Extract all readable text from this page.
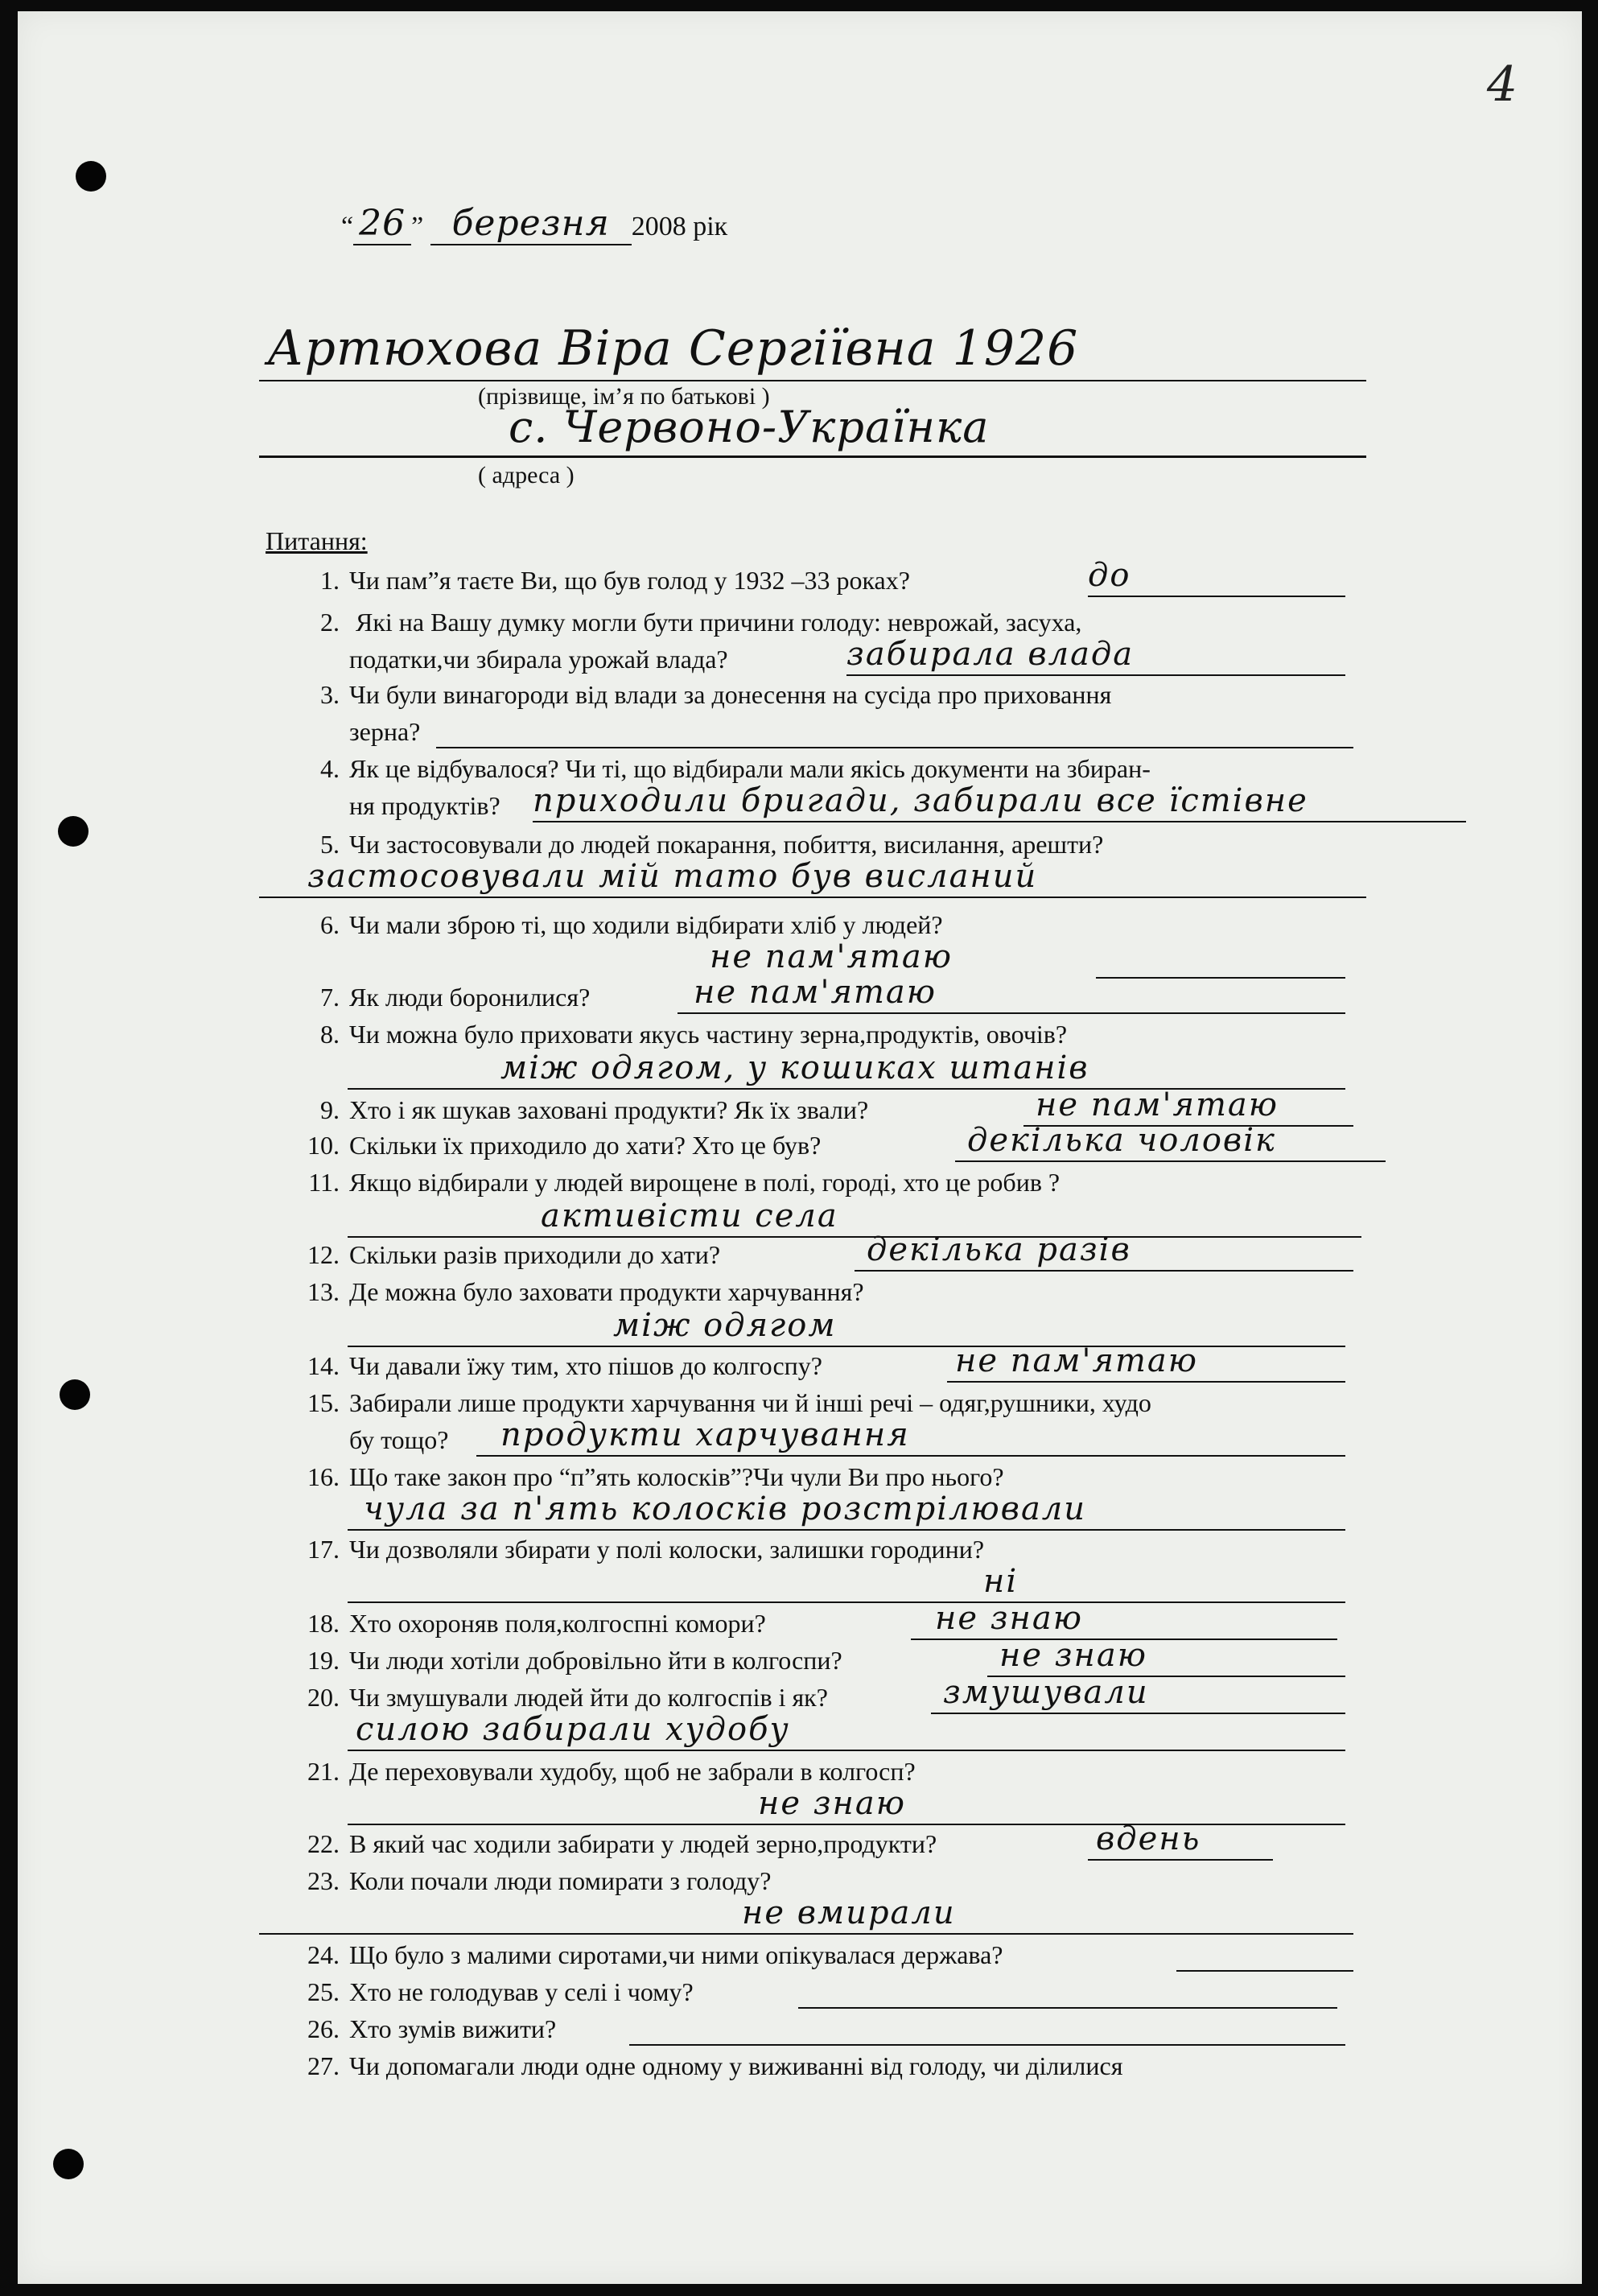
4
“ 26 ” березня 2008 рік
Артюхова Віра Сергіївна 1926
(прізвище, ім’я по батькові )
с. Червоно-Українка
( адреса )
Питання:
1. Чи пам”я таєте Ви, що був голод у 1932 –33 роках?	до
2. Які на Вашу думку могли бути причини голоду: неврожай, засуха,
податки,чи збирала урожай влада?	забирала влада
3. Чи були винагороди від влади за донесення на сусіда про приховання
зерна?
4. Як це відбувалося? Чи ті, що відбирали мали якісь документи на збиран-
ня продуктів? приходили бригади, забирали все їстівне
5. Чи застосовували до людей покарання, побиття, висилання, арешти?
застосовували мій тато був висланий
6. Чи мали зброю ті, що ходили відбирати хліб у людей?
не пам'ятаю
7. Як люди боронилися?	не пам'ятаю
8. Чи можна було приховати якусь частину зерна,продуктів, овочів?
між одягом, у кошиках штанів
9. Хто і як шукав заховані продукти? Як їх звали?	не пам'ятаю
10. Скільки їх приходило до хати? Хто це був?	декілька чоловік
11. Якщо відбирали у людей вирощене в полі, городі, хто це робив ?
активісти села
12. Скільки разів приходили до хати?	декілька разів
13. Де можна було заховати продукти харчування?
між одягом
14. Чи давали їжу тим, хто пішов до колгоспу?	не пам'ятаю
15. Забирали лише продукти харчування чи й інші речі – одяг,рушники, худо
бу тощо? продукти харчування
16. Що таке закон про “п”ять колосків”?Чи чули Ви про нього?
чула за п'ять колосків розстрілювали
17. Чи дозволяли збирати у полі колоски, залишки городини?
ні
18. Хто охороняв поля,колгоспні комори?	не знаю
19. Чи люди хотіли добровільно йти в колгоспи?	не знаю
20. Чи змушували людей йти до колгоспів і як?	змушували
силою забирали худобу
21. Де переховували худобу, щоб не забрали в колгосп?
не знаю
22. В який час ходили забирати у людей зерно,продукти?	вдень
23. Коли почали люди помирати з голоду?
не вмирали
24. Що було з малими сиротами,чи ними опікувалася держава?
25. Хто не голодував у селі і чому?
26. Хто зумів вижити?
27. Чи допомагали люди одне одному у виживанні від голоду, чи ділилися
